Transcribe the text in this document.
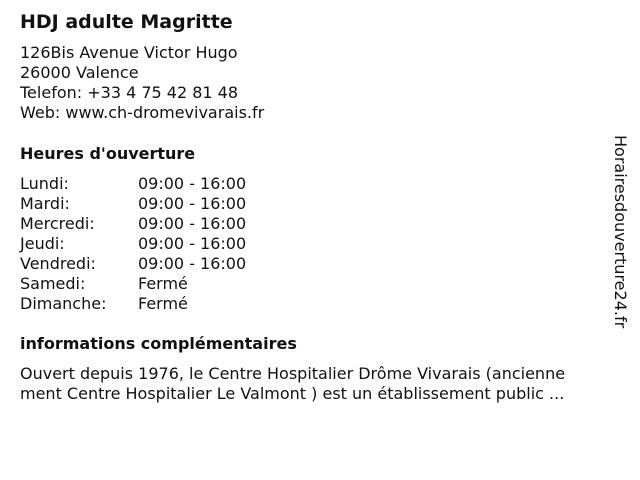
HDJ adulte Magritte
126Bis Avenue Victor Hugo
26000 Valence
Telefon: +33 4 75 42 81 48
Web: www.ch-dromevivarais.fr
Heures d'ouverture
Lundi:	09:00 - 16:00
Mardi:	09:00 - 16:00
Mercredi:	09:00 - 16:00
Jeudi:	09:00 - 16:00
Vendredi:	09:00 - 16:00
Samedi:	Fermé
Dimanche:	Fermé
informations complémentaires
Ouvert depuis 1976, le Centre Hospitalier Drôme Vivarais (ancienne
ment Centre Hospitalier Le Valmont ) est un établissement public ...
Horairesdouverture24.fr
